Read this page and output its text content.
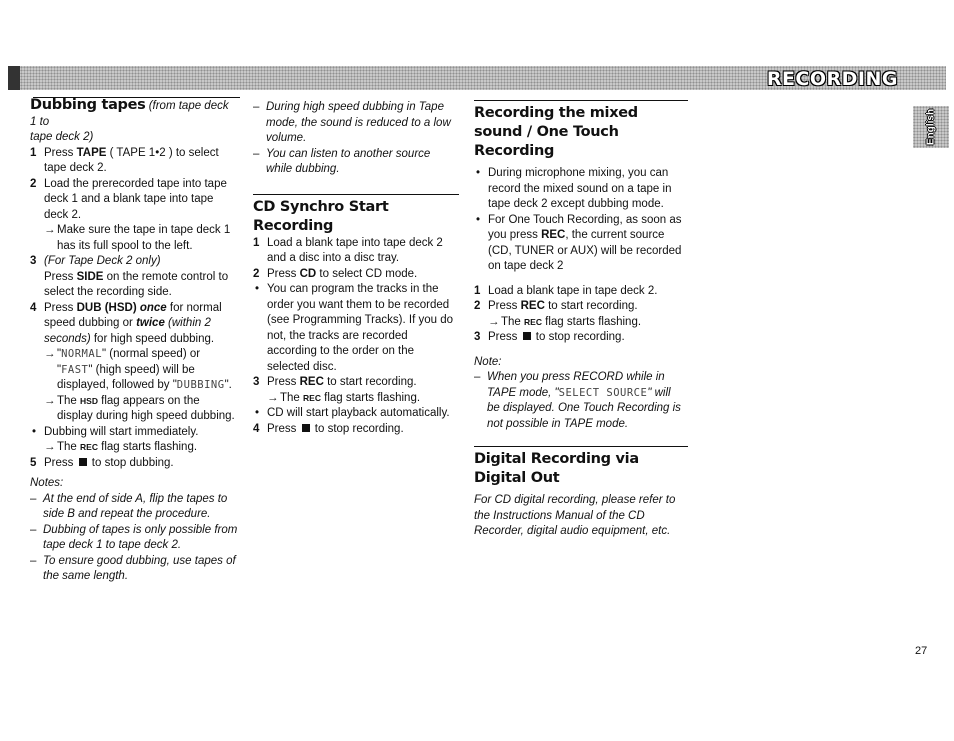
RECORDING
English
Dubbing tapes (from tape deck 1 to
tape deck 2)
1 Press TAPE ( TAPE 1•2 ) to select tape deck 2.
2 Load the prerecorded tape into tape deck 1 and a blank tape into tape deck 2.
→ Make sure the tape in tape deck 1 has its full spool to the left.
3 (For Tape Deck 2 only)
Press SIDE on the remote control to select the recording side.
4 Press DUB (HSD) once for normal speed dubbing or twice (within 2 seconds) for high speed dubbing.
→ "NORMAL" (normal speed) or "FAST" (high speed) will be displayed, followed by "DUBBING".
→ The HSD flag appears on the display during high speed dubbing.
• Dubbing will start immediately.
→ The REC flag starts flashing.
5 Press  to stop dubbing.
Notes:
– At the end of side A, flip the tapes to side B and repeat the procedure.
– Dubbing of tapes is only possible from tape deck 1 to tape deck 2.
– To ensure good dubbing, use tapes of the same length.
– During high speed dubbing in Tape mode, the sound is reduced to a low volume.
– You can listen to another source while dubbing.
CD Synchro Start Recording
1 Load a blank tape into tape deck 2 and a disc into a disc tray.
2 Press CD to select CD mode.
• You can program the tracks in the order you want them to be recorded (see Programming Tracks). If you do not, the tracks are recorded according to the order on the selected disc.
3 Press REC to start recording.
→ The REC flag starts flashing.
• CD will start playback automatically.
4 Press  to stop recording.
Recording the mixed sound / One Touch Recording
• During microphone mixing, you can record the mixed sound on a tape in tape deck 2 except dubbing mode.
• For One Touch Recording, as soon as you press REC, the current source (CD, TUNER or AUX) will be recorded on tape deck 2
1 Load a blank tape in tape deck 2.
2 Press REC to start recording.
→ The REC flag starts flashing.
3 Press  to stop recording.
Note:
– When you press RECORD while in TAPE mode, "SELECT SOURCE" will be displayed. One Touch Recording is not possible in TAPE mode.
Digital Recording via Digital Out
For CD digital recording, please refer to the Instructions Manual of the CD Recorder, digital audio equipment, etc.
27
